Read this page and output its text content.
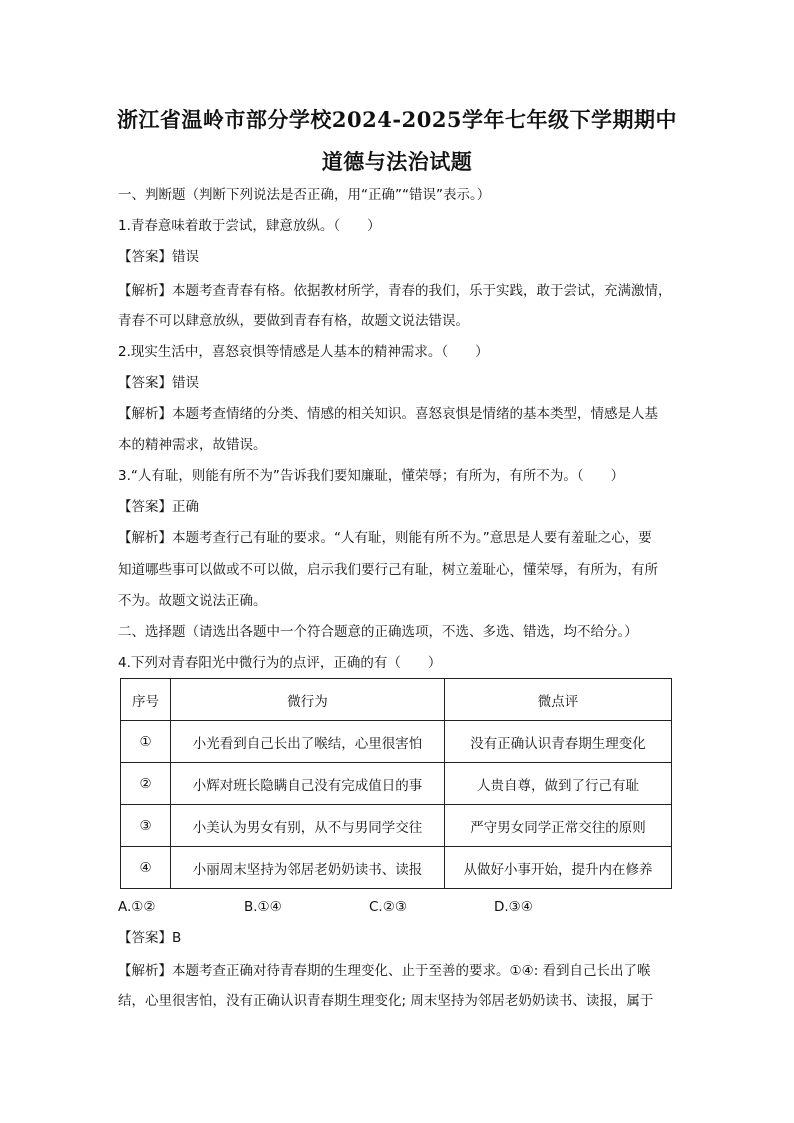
浙江省温岭市部分学校2024-2025学年七年级下学期期中
道德与法治试题
一、判断题（判断下列说法是否正确，用“正确”“错误”表示。）
1.青春意味着敢于尝试，肆意放纵。（　　）
【答案】错误
【解析】本题考查青春有格。依据教材所学，青春的我们，乐于实践，敢于尝试，充满激情，
青春不可以肆意放纵，要做到青春有格，故题文说法错误。
2.现实生活中，喜怒哀惧等情感是人基本的精神需求。（　　）
【答案】错误
【解析】本题考查情绪的分类、情感的相关知识。喜怒哀惧是情绪的基本类型，情感是人基
本的精神需求，故错误。
3.“人有耻，则能有所不为”告诉我们要知廉耻，懂荣辱；有所为，有所不为。（　　）
【答案】正确
【解析】本题考查行己有耻的要求。“人有耻，则能有所不为。”意思是人要有羞耻之心，要
知道哪些事可以做或不可以做，启示我们要行己有耻，树立羞耻心，懂荣辱，有所为，有所
不为。故题文说法正确。
二、选择题（请选出各题中一个符合题意的正确选项，不选、多选、错选，均不给分。）
4.下列对青春阳光中微行为的点评，正确的有（　　）
序号	微行为	微点评
①	小光看到自己长出了喉结，心里很害怕	没有正确认识青春期生理变化
②	小辉对班长隐瞒自己没有完成值日的事	人贵自尊，做到了行己有耻
③	小美认为男女有别，从不与男同学交往	严守男女同学正常交往的原则
④	小丽周末坚持为邻居老奶奶读书、读报	从做好小事开始，提升内在修养
A.①②	B.①④	C.②③	D.③④
【答案】B
【解析】本题考查正确对待青春期的生理变化、止于至善的要求。①④: 看到自己长出了喉
结，心里很害怕，没有正确认识青春期生理变化; 周末坚持为邻居老奶奶读书、读报，属于
